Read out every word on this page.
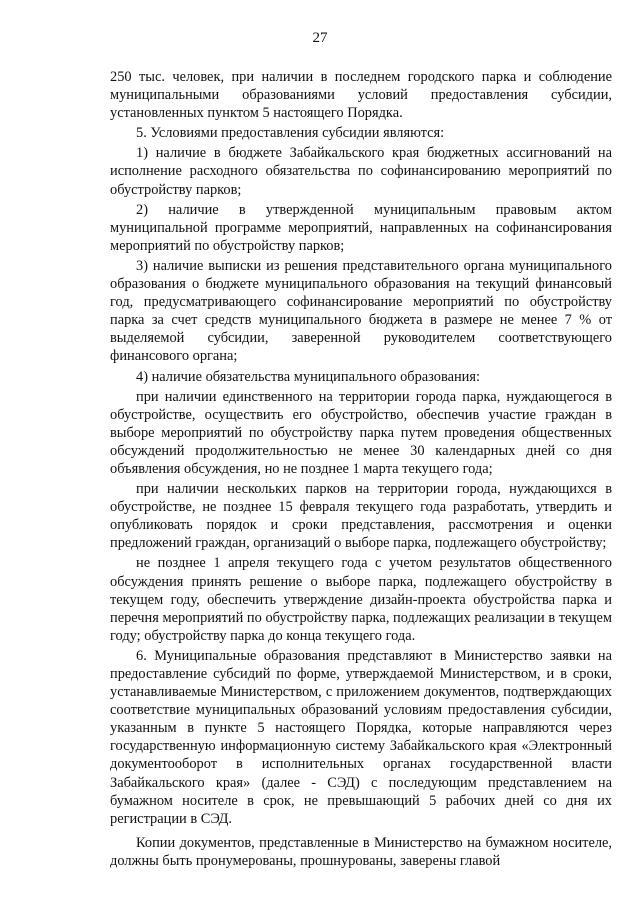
27

250 тыс. человек, при наличии в последнем городского парка и соблюдение муниципальными образованиями условий предоставления субсидии, установленных пунктом 5 настоящего Порядка.

5. Условиями предоставления субсидии являются:

1) наличие в бюджете Забайкальского края бюджетных ассигнований на исполнение расходного обязательства по софинансированию мероприятий по обустройству парков;

2) наличие в утвержденной муниципальным правовым актом муниципальной программе мероприятий, направленных на софинансирования мероприятий по обустройству парков;

3) наличие выписки из решения представительного органа муниципального образования о бюджете муниципального образования на текущий финансовый год, предусматривающего софинансирование мероприятий по обустройству парка за счет средств муниципального бюджета в размере не менее 7 % от выделяемой субсидии, заверенной руководителем соответствующего финансового органа;

4) наличие обязательства муниципального образования:

при наличии единственного на территории города парка, нуждающегося в обустройстве, осуществить его обустройство, обеспечив участие граждан в выборе мероприятий по обустройству парка путем проведения общественных обсуждений продолжительностью не менее 30 календарных дней со дня объявления обсуждения, но не позднее 1 марта текущего года;

при наличии нескольких парков на территории города, нуждающихся в обустройстве, не позднее 15 февраля текущего года разработать, утвердить и опубликовать порядок и сроки представления, рассмотрения и оценки предложений граждан, организаций о выборе парка, подлежащего обустройству;

не позднее 1 апреля текущего года с учетом результатов общественного обсуждения принять решение о выборе парка, подлежащего обустройству в текущем году, обеспечить утверждение дизайн-проекта обустройства парка и перечня мероприятий по обустройству парка, подлежащих реализации в текущем году; обустройству парка до конца текущего года.

6. Муниципальные образования представляют в Министерство заявки на предоставление субсидий по форме, утверждаемой Министерством, и в сроки, устанавливаемые Министерством, с приложением документов, подтверждающих соответствие муниципальных образований условиям предоставления субсидии, указанным в пункте 5 настоящего Порядка, которые направляются через государственную информационную систему Забайкальского края «Электронный документооборот в исполнительных органах государственной власти Забайкальского края» (далее - СЭД) с последующим представлением на бумажном носителе в срок, не превышающий 5 рабочих дней со дня их регистрации в СЭД.

Копии документов, представленные в Министерство на бумажном носителе, должны быть пронумерованы, прошнурованы, заверены главой
